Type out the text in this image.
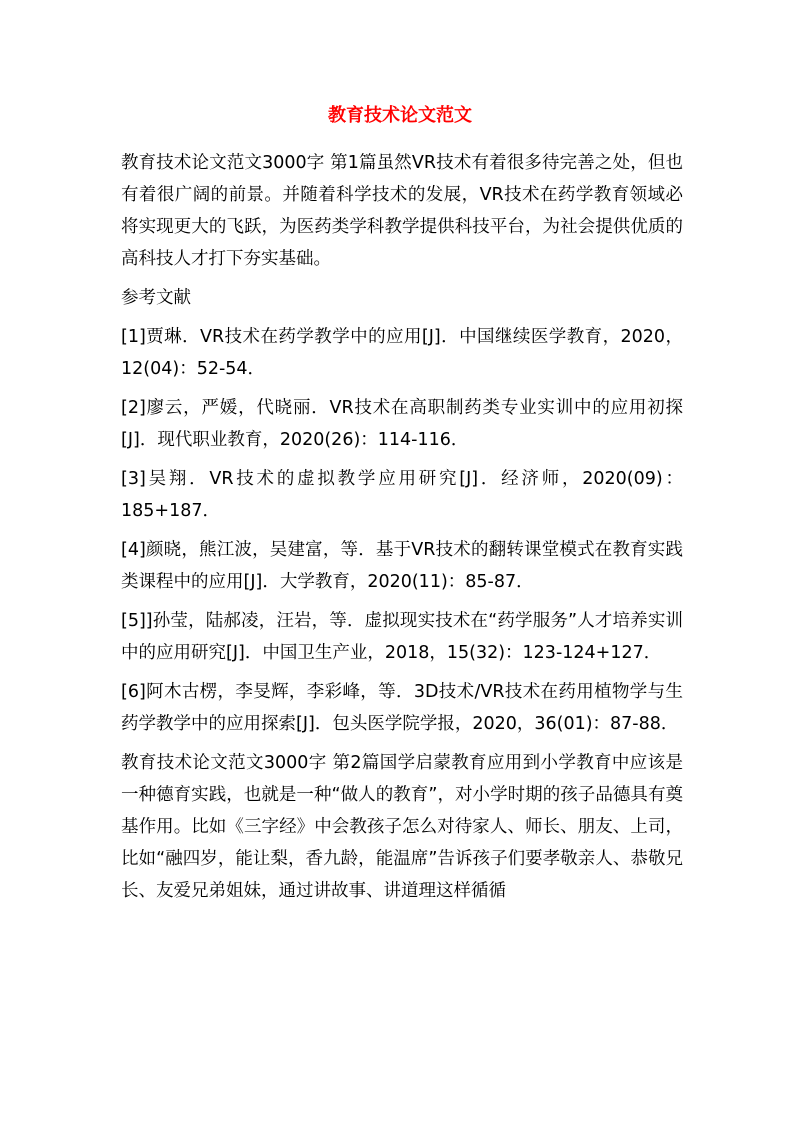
教育技术论文范文

教育技术论文范文3000字 第1篇虽然VR技术有着很多待完善之处，但也有着很广阔的前景。并随着科学技术的发展，VR技术在药学教育领域必将实现更大的飞跃，为医药类学科教学提供科技平台，为社会提供优质的高科技人才打下夯实基础。

参考文献

[1]贾琳．VR技术在药学教学中的应用[J]．中国继续医学教育，2020，12(04)：52-54．

[2]廖云，严媛，代晓丽．VR技术在高职制药类专业实训中的应用初探[J]．现代职业教育，2020(26)：114-116．

[3]吴翔．VR技术的虚拟教学应用研究[J]．经济师，2020(09)：185+187．

[4]颜晓，熊江波，吴建富，等．基于VR技术的翻转课堂模式在教育实践类课程中的应用[J]．大学教育，2020(11)：85-87．

[5]]孙莹，陆郝凌，汪岩，等．虚拟现实技术在“药学服务”人才培养实训中的应用研究[J]．中国卫生产业，2018，15(32)：123-124+127．

[6]阿木古楞，李旻辉，李彩峰，等．3D技术/VR技术在药用植物学与生药学教学中的应用探索[J]．包头医学院学报，2020，36(01)：87-88．

教育技术论文范文3000字 第2篇国学启蒙教育应用到小学教育中应该是一种德育实践，也就是一种“做人的教育”，对小学时期的孩子品德具有奠基作用。比如《三字经》中会教孩子怎么对待家人、师长、朋友、上司，比如“融四岁，能让梨，香九龄，能温席”告诉孩子们要孝敬亲人、恭敬兄长、友爱兄弟姐妹，通过讲故事、讲道理这样循循
